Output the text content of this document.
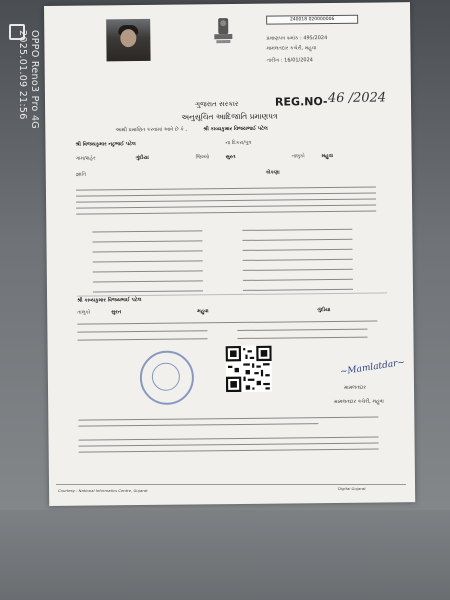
OPPO Reno3 Pro 4G
2025.01.09 21:56
240018 020000006
પ્રમાણપત્ર ક્રમાંક : 495/2024
મામલતદાર કચેરી, મહુવા
તારીખ : 16/01/2024
ગુજરાત સરકાર
અનુસૂચિત આદિજાતિ પ્રમાણપત્ર
REG.NO- 46 /2024
આથી પ્રમાણિત કરવામાં આવે છે કે ,	શ્રી કાવ્યકુમાર વિજયભાઈ પટેલ
શ્રી વિજયકુમાર નટુભાઈ પટેલ	ના દિકરા/પુત્ર
ગામ/શહેર	ગુંદીયા	જિલ્લો	સુરત	તાલુકો	મહુવા
જ્ઞાતિ	કોકણા

શ્રી કાવ્યકુમાર વિજયભાઈ પટેલ
તાલુકો	સુરત	મહુવા	ગુંદીયા
~Mamlatdar~
મામલતદાર
મામલતદાર કચેરી, મહુવા
Courtesy : National Informatics Centre, Gujarat	Digital Gujarat
